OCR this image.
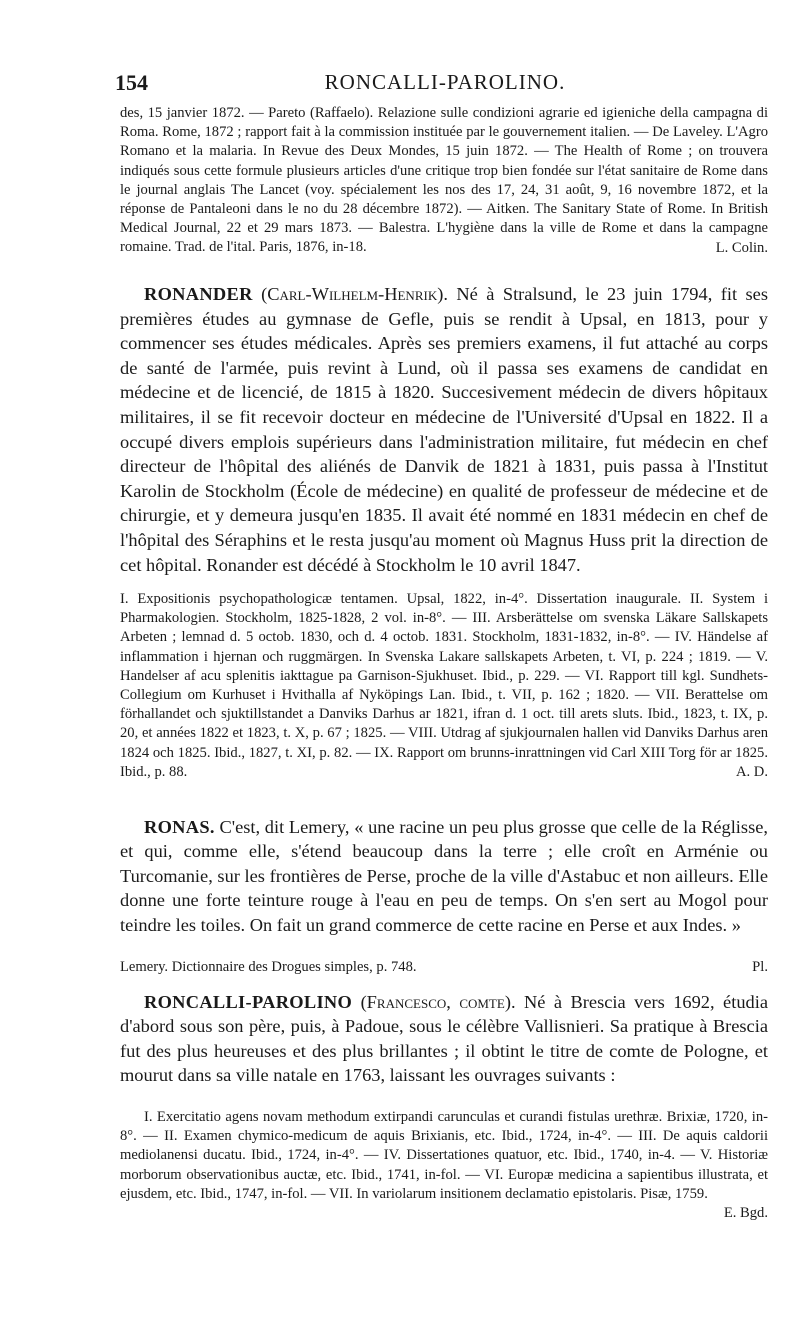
154	RONCALLI-PAROLINO.

des, 15 janvier 1872. — Pareto (Raffaelo). Relazione sulle condizioni agrarie ed igieniche della campagna di Roma. Rome, 1872 ; rapport fait à la commission instituée par le gouvernement italien. — De Laveley. L'Agro Romano et la malaria. In Revue des Deux Mondes, 15 juin 1872. — The Health of Rome ; on trouvera indiqués sous cette formule plusieurs articles d'une critique trop bien fondée sur l'état sanitaire de Rome dans le journal anglais The Lancet (voy. spécialement les nos des 17, 24, 31 août, 9, 16 novembre 1872, et la réponse de Pantaleoni dans le no du 28 décembre 1872). — Aitken. The Sanitary State of Rome. In British Medical Journal, 22 et 29 mars 1873. — Balestra. L'hygiène dans la ville de Rome et dans la campagne romaine. Trad. de l'ital. Paris, 1876, in-18.	L. Colin.

RONANDER (Carl-Wilhelm-Henrik). Né à Stralsund, le 23 juin 1794, fit ses premières études au gymnase de Gefle, puis se rendit à Upsal, en 1813, pour y commencer ses études médicales. Après ses premiers examens, il fut attaché au corps de santé de l'armée, puis revint à Lund, où il passa ses examens de candidat en médecine et de licencié, de 1815 à 1820. Succesivement médecin de divers hôpitaux militaires, il se fit recevoir docteur en médecine de l'Université d'Upsal en 1822. Il a occupé divers emplois supérieurs dans l'administration militaire, fut médecin en chef directeur de l'hôpital des aliénés de Danvik de 1821 à 1831, puis passa à l'Institut Karolin de Stockholm (École de médecine) en qualité de professeur de médecine et de chirurgie, et y demeura jusqu'en 1835. Il avait été nommé en 1831 médecin en chef de l'hôpital des Séraphins et le resta jusqu'au moment où Magnus Huss prit la direction de cet hôpital. Ronander est décédé à Stockholm le 10 avril 1847.

I. Expositionis psychopathologicæ tentamen. Upsal, 1822, in-4°. Dissertation inaugurale. II. System i Pharmakologien. Stockholm, 1825-1828, 2 vol. in-8°. — III. Arsberättelse om svenska Läkare Sallskapets Arbeten ; lemnad d. 5 octob. 1830, och d. 4 octob. 1831. Stockholm, 1831-1832, in-8°. — IV. Händelse af inflammation i hjernan och ruggmärgen. In Svenska Lakare sallskapets Arbeten, t. VI, p. 224 ; 1819. — V. Handelser af acu splenitis iakttague pa Garnison-Sjukhuset. Ibid., p. 229. — VI. Rapport till kgl. Sundhets-Collegium om Kurhuset i Hvithalla af Nyköpings Lan. Ibid., t. VII, p. 162 ; 1820. — VII. Berattelse om förhallandet och sjuktillstandet a Danviks Darhus ar 1821, ifran d. 1 oct. till arets sluts. Ibid., 1823, t. IX, p. 20, et années 1822 et 1823, t. X, p. 67 ; 1825. — VIII. Utdrag af sjukjournalen hallen vid Danviks Darhus aren 1824 och 1825. Ibid., 1827, t. XI, p. 82. — IX. Rapport om brunns-inrattningen vid Carl XIII Torg för ar 1825. Ibid., p. 88.	A. D.

RONAS. C'est, dit Lemery, « une racine un peu plus grosse que celle de la Réglisse, et qui, comme elle, s'étend beaucoup dans la terre ; elle croît en Arménie ou Turcomanie, sur les frontières de Perse, proche de la ville d'Astabuc et non ailleurs. Elle donne une forte teinture rouge à l'eau en peu de temps. On s'en sert au Mogol pour teindre les toiles. On fait un grand commerce de cette racine en Perse et aux Indes. »

Lemery. Dictionnaire des Drogues simples, p. 748.	Pl.

RONCALLI-PAROLINO (Francesco, comte). Né à Brescia vers 1692, étudia d'abord sous son père, puis, à Padoue, sous le célèbre Vallisnieri. Sa pratique à Brescia fut des plus heureuses et des plus brillantes ; il obtint le titre de comte de Pologne, et mourut dans sa ville natale en 1763, laissant les ouvrages suivants :

I. Exercitatio agens novam methodum extirpandi carunculas et curandi fistulas urethræ. Brixiæ, 1720, in-8°. — II. Examen chymico-medicum de aquis Brixianis, etc. Ibid., 1724, in-4°. — III. De aquis caldorii mediolanensi ducatu. Ibid., 1724, in-4°. — IV. Dissertationes quatuor, etc. Ibid., 1740, in-4. — V. Historiæ morborum observationibus auctæ, etc. Ibid., 1741, in-fol. — VI. Europæ medicina a sapientibus illustrata, et ejusdem, etc. Ibid., 1747, in-fol. — VII. In variolarum insitionem declamatio epistolaris. Pisæ, 1759.

E. Bgd.
